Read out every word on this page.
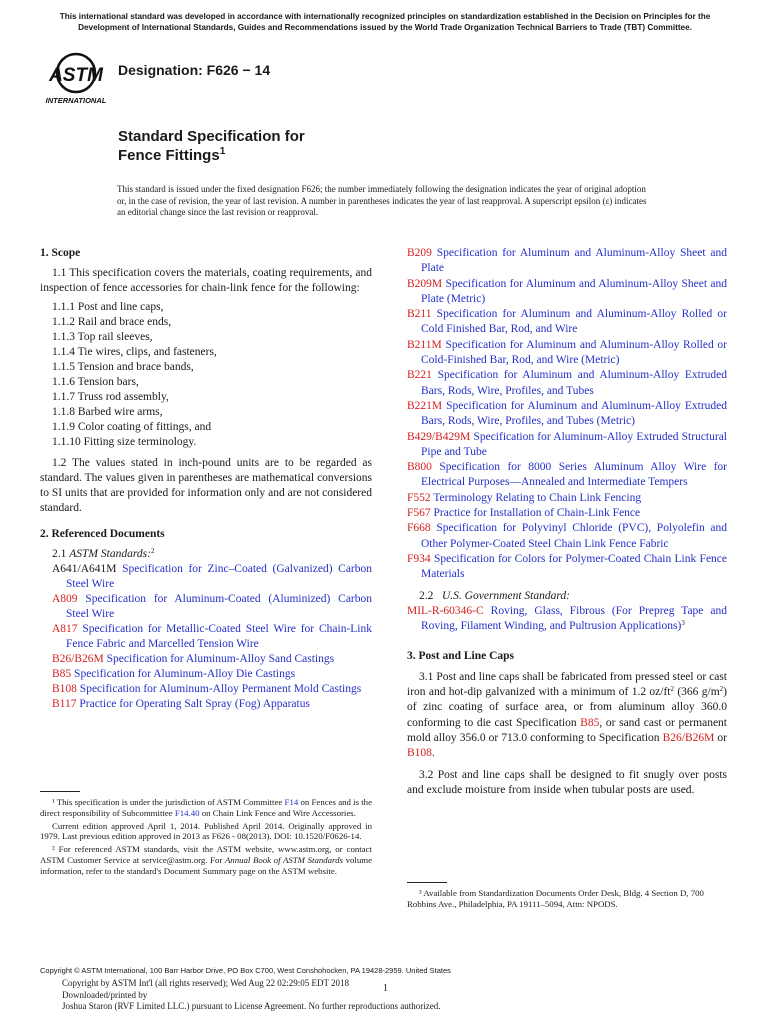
This international standard was developed in accordance with internationally recognized principles on standardization established in the Decision on Principles for the Development of International Standards, Guides and Recommendations issued by the World Trade Organization Technical Barriers to Trade (TBT) Committee.
ASTM
INTERNATIONAL
Designation: F626 − 14
Standard Specification for
Fence Fittings$^1$
This standard is issued under the fixed designation F626; the number immediately following the designation indicates the year of original adoption or, in the case of revision, the year of last revision. A number in parentheses indicates the year of last reapproval. A superscript epsilon (ε) indicates an editorial change since the last revision or reapproval.
1. Scope

1.1 This specification covers the materials, coating requirements, and inspection of fence accessories for chain-link fence for the following:

1.1.1 Post and line caps,
1.1.2 Rail and brace ends,
1.1.3 Top rail sleeves,
1.1.4 Tie wires, clips, and fasteners,
1.1.5 Tension and brace bands,
1.1.6 Tension bars,
1.1.7 Truss rod assembly,
1.1.8 Barbed wire arms,
1.1.9 Color coating of fittings, and
1.1.10 Fitting size terminology.

1.2 The values stated in inch-pound units are to be regarded as standard. The values given in parentheses are mathematical conversions to SI units that are provided for information only and are not considered standard.

2. Referenced Documents
2.1 ASTM Standards:$^2$
A641/A641M Specification for Zinc–Coated (Galvanized) Carbon Steel Wire
A809 Specification for Aluminum-Coated (Aluminized) Carbon Steel Wire
A817 Specification for Metallic-Coated Steel Wire for Chain-Link Fence Fabric and Marcelled Tension Wire
B26/B26M Specification for Aluminum-Alloy Sand Castings
B85 Specification for Aluminum-Alloy Die Castings
B108 Specification for Aluminum-Alloy Permanent Mold Castings
B117 Practice for Operating Salt Spray (Fog) Apparatus
B209 Specification for Aluminum and Aluminum-Alloy Sheet and Plate
B209M Specification for Aluminum and Aluminum-Alloy Sheet and Plate (Metric)
B211 Specification for Aluminum and Aluminum-Alloy Rolled or Cold Finished Bar, Rod, and Wire
B211M Specification for Aluminum and Aluminum-Alloy Rolled or Cold-Finished Bar, Rod, and Wire (Metric)
B221 Specification for Aluminum and Aluminum-Alloy Extruded Bars, Rods, Wire, Profiles, and Tubes
B221M Specification for Aluminum and Aluminum-Alloy Extruded Bars, Rods, Wire, Profiles, and Tubes (Metric)
B429/B429M Specification for Aluminum-Alloy Extruded Structural Pipe and Tube
B800 Specification for 8000 Series Aluminum Alloy Wire for Electrical Purposes—Annealed and Intermediate Tempers
F552 Terminology Relating to Chain Link Fencing
F567 Practice for Installation of Chain-Link Fence
F668 Specification for Polyvinyl Chloride (PVC), Polyolefin and Other Polymer-Coated Steel Chain Link Fence Fabric
F934 Specification for Colors for Polymer-Coated Chain Link Fence Materials
2.2 U.S. Government Standard:
MIL-R-60346-C Roving, Glass, Fibrous (For Prepreg Tape and Roving, Filament Winding, and Pultrusion Applications)$^3$
3. Post and Line Caps

3.1 Post and line caps shall be fabricated from pressed steel or cast iron and hot-dip galvanized with a minimum of 1.2 $oz/ft^2$ (366 $g/m^2$) of zinc coating of surface area, or from aluminum alloy 360.0 conforming to die cast Specification B85, or sand cast or permanent mold alloy 356.0 or 713.0 conforming to Specification B26/B26M or B108.

3.2 Post and line caps shall be designed to fit snugly over posts and exclude moisture from inside when tubular posts are used.

¹ This specification is under the jurisdiction of ASTM Committee F14 on Fences and is the direct responsibility of Subcommittee F14.40 on Chain Link Fence and Wire Accessories.

Current edition approved April 1, 2014. Published April 2014. Originally approved in 1979. Last previous edition approved in 2013 as F626 - 08(2013). DOI: 10.1520/F0626-14.

² For referenced ASTM standards, visit the ASTM website, www.astm.org, or contact ASTM Customer Service at service@astm.org. For Annual Book of ASTM Standards volume information, refer to the standard's Document Summary page on the ASTM website.

³ Available from Standardization Documents Order Desk, Bldg. 4 Section D, 700 Robbins Ave., Philadelphia, PA 19111–5094, Attn: NPODS.
Copyright © ASTM International, 100 Barr Harbor Drive, PO Box C700, West Conshohocken, PA 19428-2959. United States
Copyright by ASTM Int'l (all rights reserved); Wed Aug 22 02:29:05 EDT 2018
Downloaded/printed by
Joshua Staron (RVF Limited LLC.) pursuant to License Agreement. No further reproductions authorized.
1
